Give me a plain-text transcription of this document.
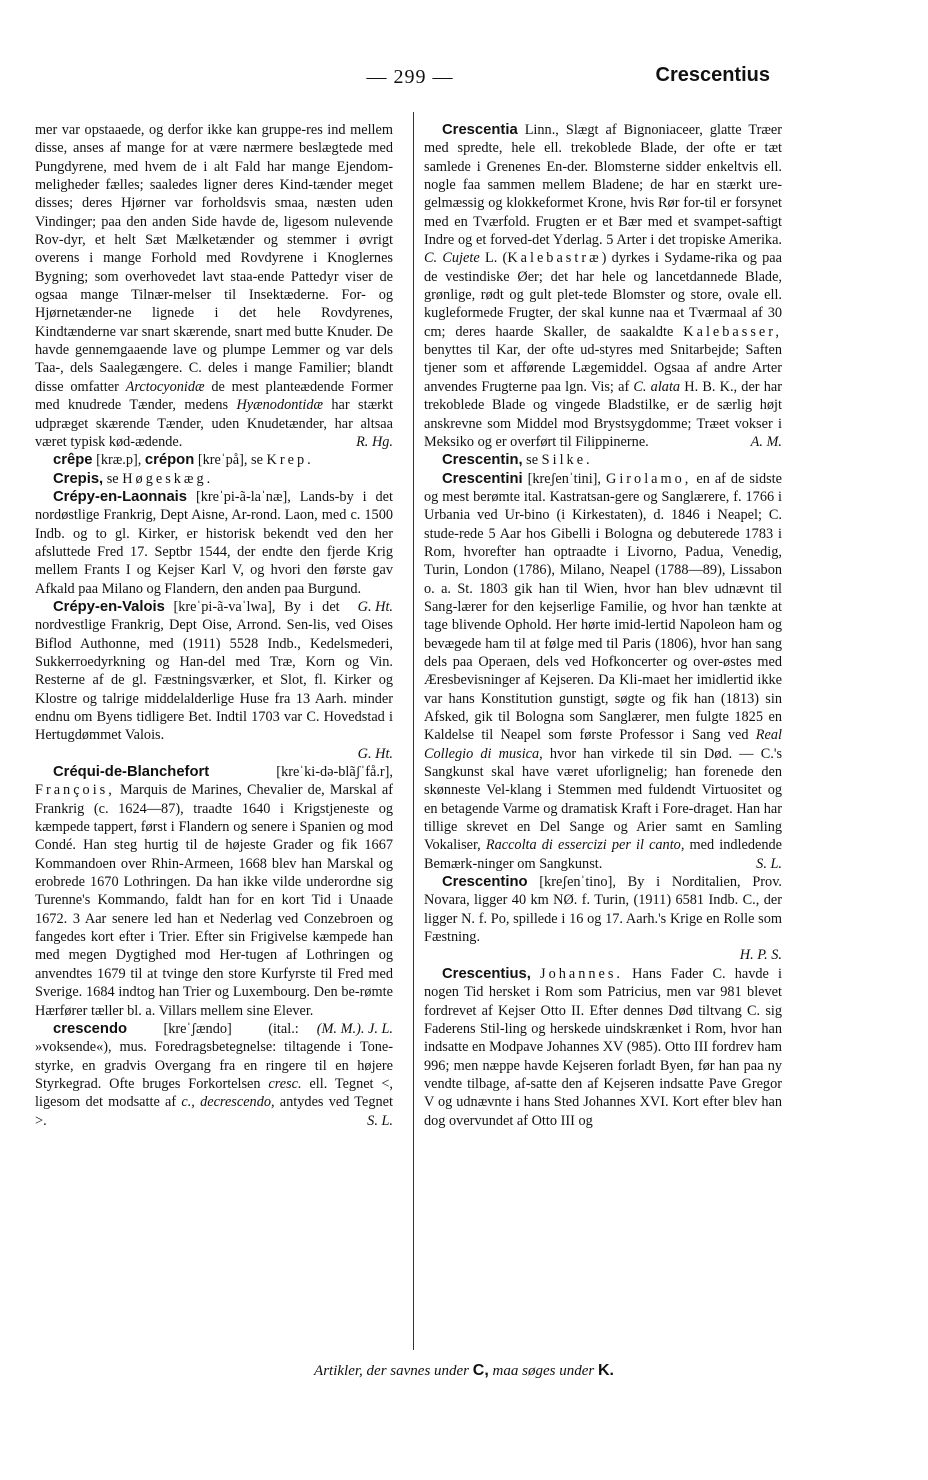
— 299 —	Crescentius

mer var opstaaede, og derfor ikke kan gruppe-res ind mellem disse, anses af mange for at være nærmere beslægtede med Pungdyrene, med hvem de i alt Fald har mange Ejendom-meligheder fælles; saaledes ligner deres Kind-tænder meget disses; deres Hjørner var forholdsvis smaa, næsten uden Vindinger; paa den anden Side havde de, ligesom nulevende Rov-dyr, et helt Sæt Mælketænder og stemmer i øvrigt overens i mange Forhold med Rovdyrene i Knoglernes Bygning; som overhovedet lavt staa-ende Pattedyr viser de ogsaa mange Tilnær-melser til Insektæderne. For- og Hjørnetænder-ne lignede i det hele Rovdyrenes, Kindtænderne var snart skærende, snart med butte Knuder. De havde gennemgaaende lave og plumpe Lemmer og var dels Taa-, dels Saalegængere. C. deles i mange Familier; blandt disse omfatter Arctocyonidæ de mest planteædende Former med knudrede Tænder, medens Hyænodontidæ har stærkt udpræget skærende Tænder, uden Knudetænder, har altsaa været typisk kød-ædende.	R. Hg.

crêpe [kræ.p], crépon [kreˈpå], se Krep.

Crepis, se Høgeskæg.

Crépy-en-Laonnais [kreˈpi-ã-laˈnæ], Lands-by i det nordøstlige Frankrig, Dept Aisne, Ar-rond. Laon, med c. 1500 Indb. og to gl. Kirker, er historisk bekendt ved den her afsluttede Fred 17. Septbr 1544, der endte den fjerde Krig mellem Frants I og Kejser Karl V, og hvori den første gav Afkald paa Milano og Flandern, den anden paa Burgund.
G. Ht.

Crépy-en-Valois [kreˈpi-ã-vaˈlwa], By i det nordvestlige Frankrig, Dept Oise, Arrond. Sen-lis, ved Oises Biflod Authonne, med (1911) 5528 Indb., Kedelsmederi, Sukkerroedyrkning og Han-del med Træ, Korn og Vin. Resterne af de gl. Fæstningsværker, et Slot, fl. Kirker og Klostre og talrige middelalderlige Huse fra 13 Aarh. minder endnu om Byens tidligere Bet. Indtil 1703 var C. Hovedstad i Hertugdømmet Valois.
G. Ht.

Créqui-de-Blanchefort [kreˈki-də-blãʃˈfå.r], François, Marquis de Marines, Chevalier de, Marskal af Frankrig (c. 1624—87), traadte 1640 i Krigstjeneste og kæmpede tappert, først i Flandern og senere i Spanien og mod Condé. Han steg hurtig til de højeste Grader og fik 1667 Kommandoen over Rhin-Armeen, 1668 blev han Marskal og erobrede 1670 Lothringen. Da han ikke vilde underordne sig Turenne's Kommando, faldt han for en kort Tid i Unaade 1672. 3 Aar senere led han et Nederlag ved Conzebroen og fangedes kort efter i Trier. Efter sin Frigivelse kæmpede han med megen Dygtighed mod Her-tugen af Lothringen og anvendtes 1679 til at tvinge den store Kurfyrste til Fred med Sverige. 1684 indtog han Trier og Luxembourg. Den be-rømte Hærfører tæller bl. a. Villars mellem sine Elever.
(M. M.). J. L.

crescendo [kreˈʃændo] (ital.: »voksende«), mus. Foredragsbetegnelse: tiltagende i Tone-styrke, en gradvis Overgang fra en ringere til en højere Styrkegrad. Ofte bruges Forkortelsen cresc. ell. Tegnet <, ligesom det modsatte af c., decrescendo, antydes ved Tegnet >.	S. L.

Crescentia Linn., Slægt af Bignoniaceer, glatte Træer med spredte, hele ell. trekoblede Blade, der ofte er tæt samlede i Grenenes En-der. Blomsterne sidder enkeltvis ell. nogle faa sammen mellem Bladene; de har en stærkt ure-gelmæssig og klokkeformet Krone, hvis Rør for-til er forsynet med en Tværfold. Frugten er et Bær med et svampet-saftigt Indre og et forved-det Yderlag. 5 Arter i det tropiske Amerika. C. Cujete L. (Kalebastræ) dyrkes i Sydame-rika og paa de vestindiske Øer; det har hele og lancetdannede Blade, grønlige, rødt og gult plet-tede Blomster og store, ovale ell. kugleformede Frugter, der skal kunne naa et Tværmaal af 30 cm; deres haarde Skaller, de saakaldte Kalebasser, benyttes til Kar, der ofte ud-styres med Snitarbejde; Saften tjener som et afførende Lægemiddel. Ogsaa af andre Arter anvendes Frugterne paa lgn. Vis; af C. alata H. B. K., der har trekoblede Blade og vingede Bladstilke, er de særlig højt anskrevne som Middel mod Brystsygdomme; Træet vokser i Meksiko og er overført til Filippinerne.	A. M.

Crescentin, se Silke.

Crescentini [kreʃenˈtini], Girolamo, en af de sidste og mest berømte ital. Kastratsan-gere og Sanglærere, f. 1766 i Urbania ved Ur-bino (i Kirkestaten), d. 1846 i Neapel; C. stude-rede 5 Aar hos Gibelli i Bologna og debuterede 1783 i Rom, hvorefter han optraadte i Livorno, Padua, Venedig, Turin, London (1786), Milano, Neapel (1788—89), Lissabon o. a. St. 1803 gik han til Wien, hvor han blev udnævnt til Sang-lærer for den kejserlige Familie, og hvor han tænkte at tage blivende Ophold. Her hørte imid-lertid Napoleon ham og bevægede ham til at følge med til Paris (1806), hvor han sang dels paa Operaen, dels ved Hofkoncerter og over-østes med Æresbevisninger af Kejseren. Da Kli-maet her imidlertid ikke var hans Konstitution gunstigt, søgte og fik han (1813) sin Afsked, gik til Bologna som Sanglærer, men fulgte 1825 en Kaldelse til Neapel som første Professor i Sang ved Real Collegio di musica, hvor han virkede til sin Død. — C.'s Sangkunst skal have været uforlignelig; han forenede den skønneste Vel-klang i Stemmen med fuldendt Virtuositet og en betagende Varme og dramatisk Kraft i Fore-draget. Han har tillige skrevet en Del Sange og Arier samt en Samling Vokaliser, Raccolta di essercizi per il canto, med indledende Bemærk-ninger om Sangkunst.	S. L.

Crescentino [kreʃenˈtino], By i Norditalien, Prov. Novara, ligger 40 km NØ. f. Turin, (1911) 6581 Indb. C., der ligger N. f. Po, spillede i 16 og 17. Aarh.'s Krige en Rolle som Fæstning.
H. P. S.

Crescentius, Johannes. Hans Fader C. havde i nogen Tid hersket i Rom som Patricius, men var 981 blevet fordrevet af Kejser Otto II. Efter dennes Død tiltvang C. sig Faderens Stil-ling og herskede uindskrænket i Rom, hvor han indsatte en Modpave Johannes XV (985). Otto III fordrev ham 996; men næppe havde Kejseren forladt Byen, før han paa ny vendte tilbage, af-satte den af Kejseren indsatte Pave Gregor V og udnævnte i hans Sted Johannes XVI. Kort efter blev han dog overvundet af Otto III og

Artikler, der savnes under C, maa søges under K.
